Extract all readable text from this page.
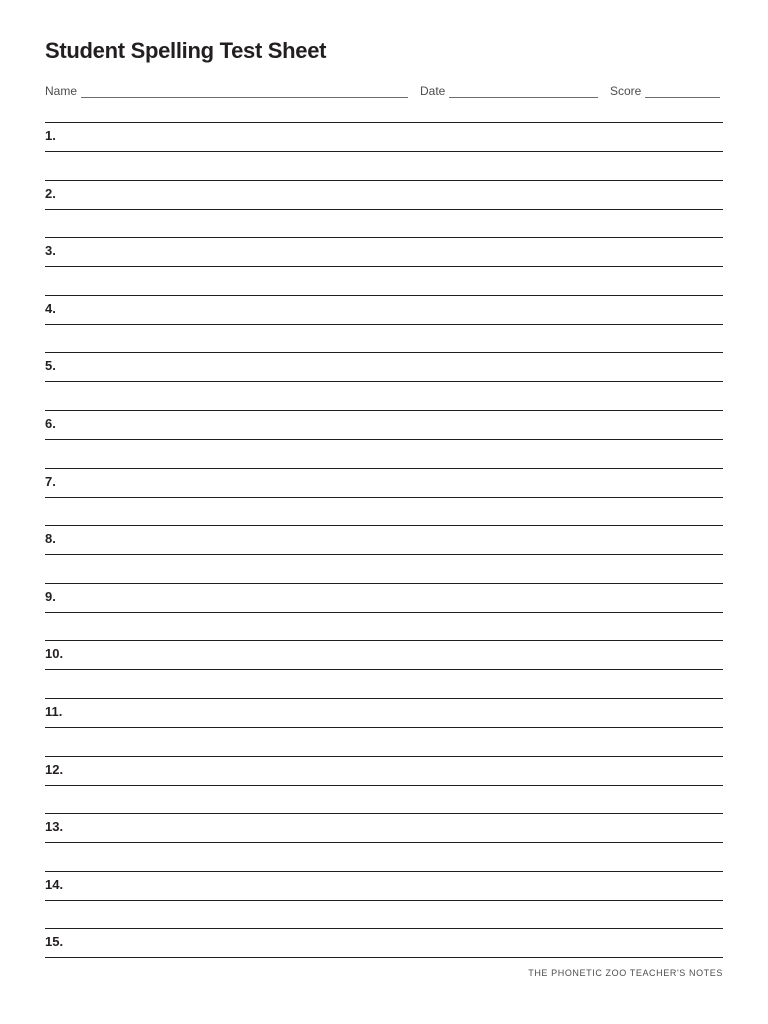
Student Spelling Test Sheet
Name	Date	Score
1.
2.
3.
4.
5.
6.
7.
8.
9.
10.
11.
12.
13.
14.
15.
THE PHONETIC ZOO TEACHER'S NOTES
